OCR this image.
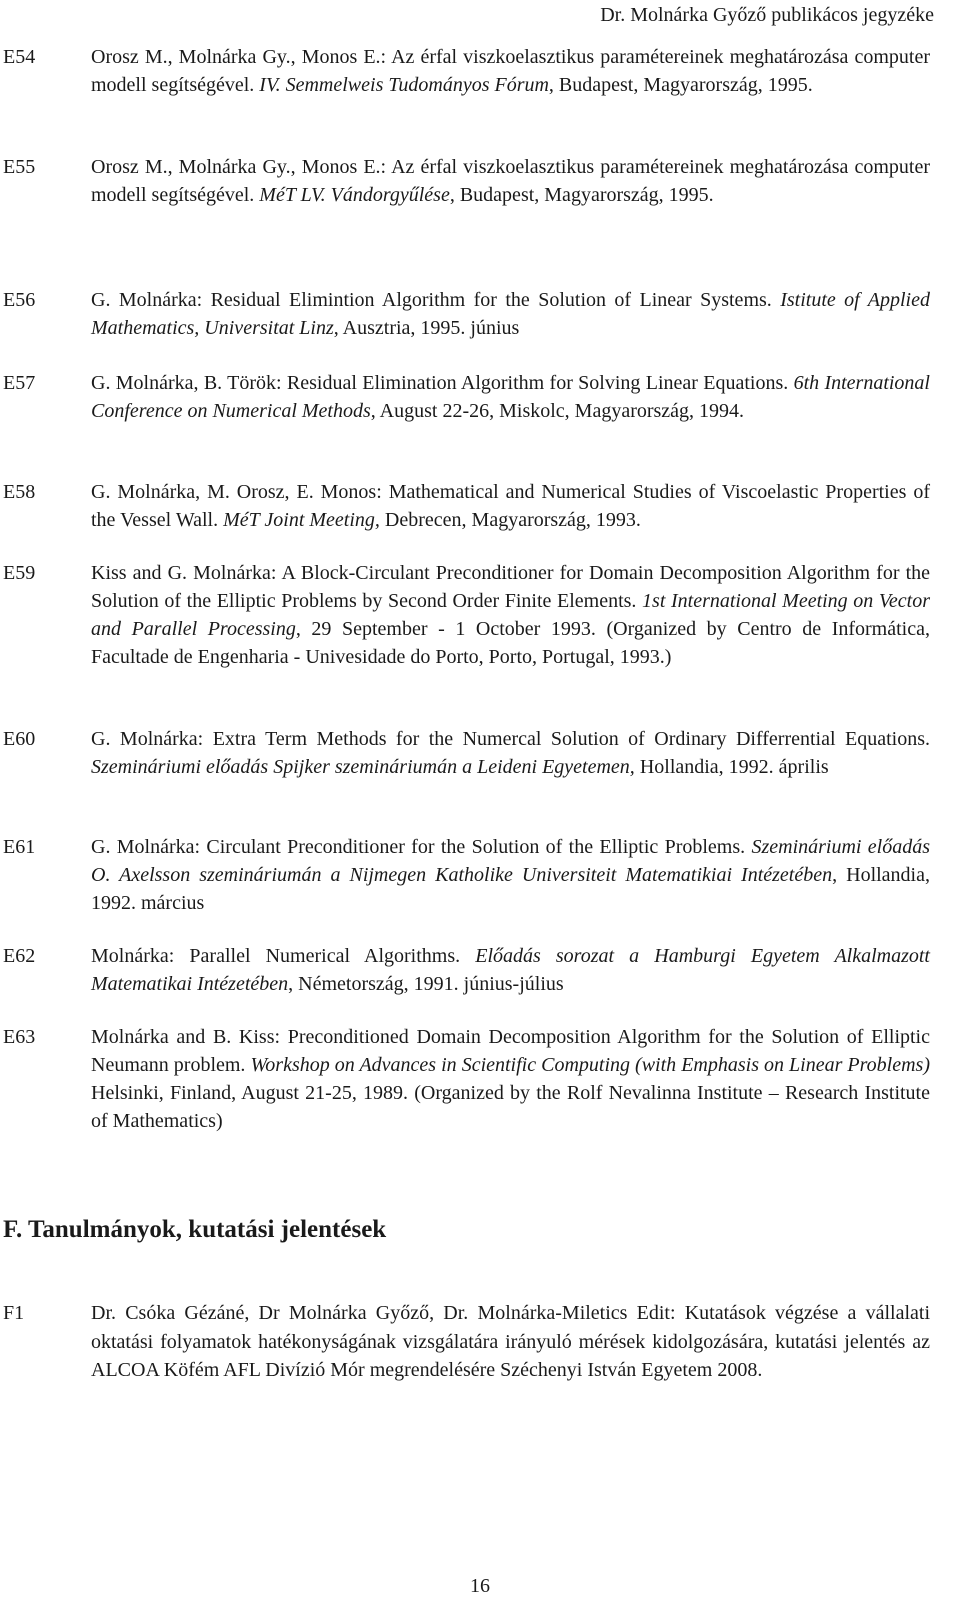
Dr. Molnárka Győző publikácos jegyzéke
E54	Orosz M., Molnárka Gy., Monos E.: Az érfal viszkoelasztikus paramétereinek meghatározása computer modell segítségével. IV. Semmelweis Tudományos Fórum, Budapest, Magyarország, 1995.
E55	Orosz M., Molnárka Gy., Monos E.: Az érfal viszkoelasztikus paramétereinek meghatározása computer modell segítségével. MéT LV. Vándorgyűlése, Budapest, Magyarország, 1995.
E56	G. Molnárka: Residual Elimintion Algorithm for the Solution of Linear Systems. Istitute of Applied Mathematics, Universitat Linz, Ausztria, 1995. június
E57	G. Molnárka, B. Török: Residual Elimination Algorithm for Solving Linear Equations. 6th International Conference on Numerical Methods, August 22-26, Miskolc, Magyarország, 1994.
E58	G. Molnárka, M. Orosz, E. Monos: Mathematical and Numerical Studies of Viscoelastic Properties of the Vessel Wall. MéT Joint Meeting, Debrecen, Magyarország, 1993.
E59	Kiss and G. Molnárka: A Block-Circulant Preconditioner for Domain Decomposition Algorithm for the Solution of the Elliptic Problems by Second Order Finite Elements. 1st International Meeting on Vector and Parallel Processing, 29 September - 1 October 1993. (Organized by Centro de Informática, Facultade de Engenharia - Univesidade do Porto, Porto, Portugal, 1993.)
E60	G. Molnárka: Extra Term Methods for the Numercal Solution of Ordinary Differrential Equations. Szemináriumi előadás Spijker szemináriumán a Leideni Egyetemen, Hollandia, 1992. április
E61	G. Molnárka: Circulant Preconditioner for the Solution of the Elliptic Problems. Szemináriumi előadás O. Axelsson szemináriumán a Nijmegen Katholike Universiteit Matematikiai Intézetében, Hollandia, 1992. március
E62	Molnárka: Parallel Numerical Algorithms. Előadás sorozat a Hamburgi Egyetem Alkalmazott Matematikai Intézetében, Németország, 1991. június-július
E63	Molnárka and B. Kiss: Preconditioned Domain Decomposition Algorithm for the Solution of Elliptic Neumann problem. Workshop on Advances in Scientific Computing (with Emphasis on Linear Problems) Helsinki, Finland, August 21-25, 1989. (Organized by the Rolf Nevalinna Institute – Research Institute of Mathematics)
F. Tanulmányok, kutatási jelentések
F1	Dr. Csóka Gézáné, Dr Molnárka Győző, Dr. Molnárka-Miletics Edit: Kutatások végzése a vállalati oktatási folyamatok hatékonyságának vizsgálatára irányuló mérések kidolgozására, kutatási jelentés az ALCOA Köfém AFL Divízió Mór megrendelésére Széchenyi István Egyetem 2008.
16
